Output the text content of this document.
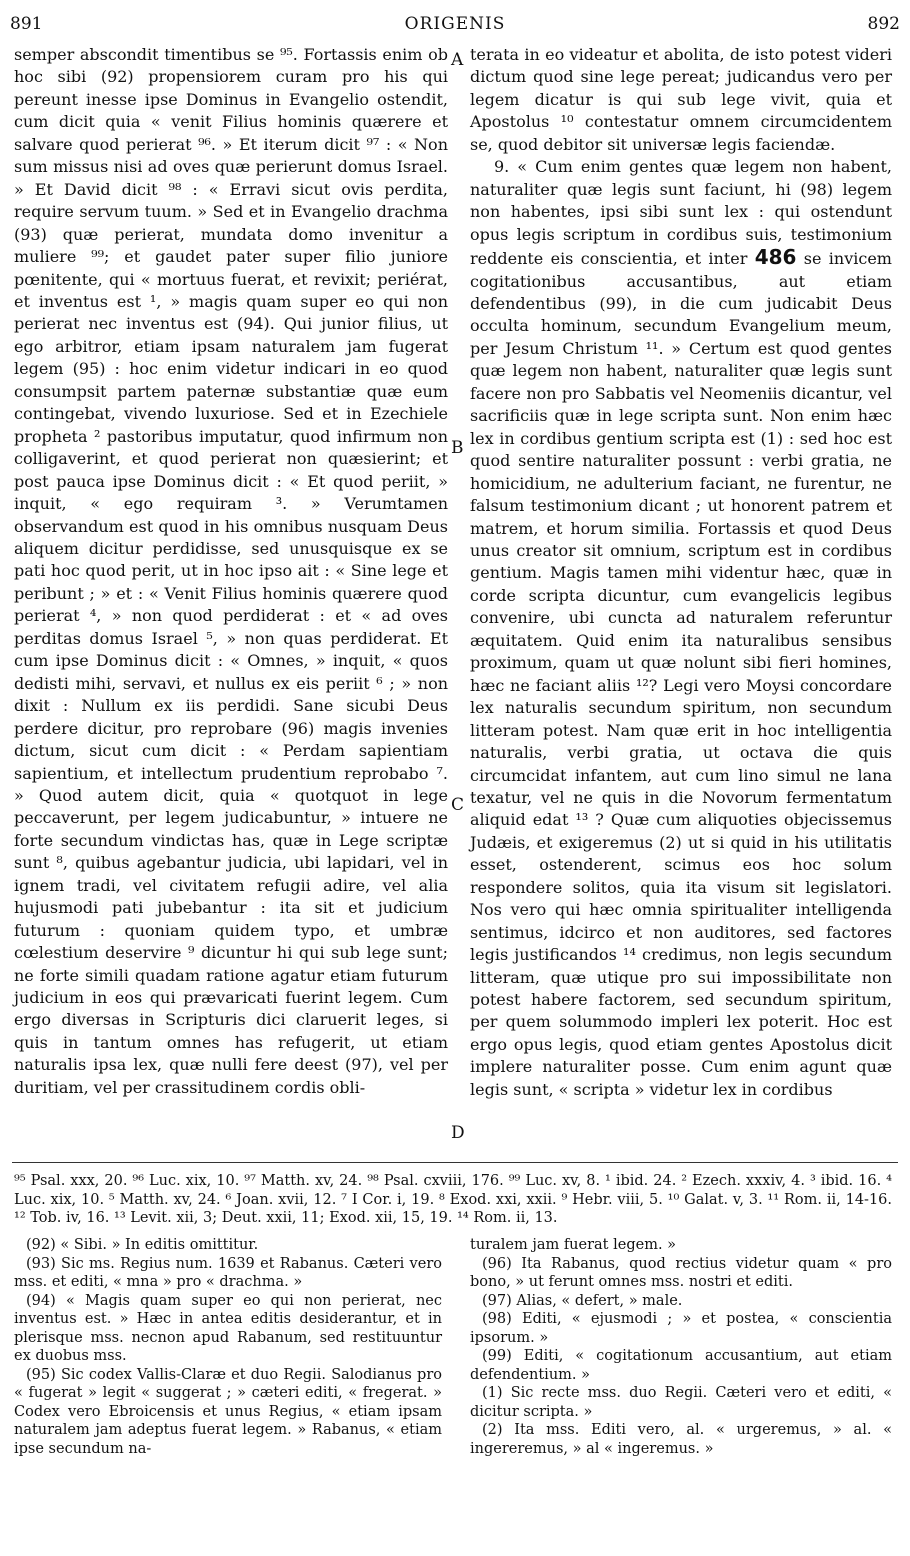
891	ORIGENIS	892

semper abscondit timentibus se ⁹⁵. Fortassis enim ob hoc sibi (92) propensiorem curam pro his qui pereunt inesse ipse Dominus in Evangelio ostendit, cum dicit quia « venit Filius hominis quærere et salvare quod perierat ⁹⁶. » Et iterum dicit ⁹⁷ : « Non sum missus nisi ad oves quæ perierunt domus Israel. » Et David dicit ⁹⁸ : « Erravi sicut ovis perdita, require servum tuum. » Sed et in Evangelio drachma (93) quæ perierat, mundata domo invenitur a muliere ⁹⁹; et gaudet pater super filio juniore pœnitente, qui « mortuus fuerat, et revixit; periérat, et inventus est ¹, » magis quam super eo qui non perierat nec inventus est (94). Qui junior filius, ut ego arbitror, etiam ipsam naturalem jam fugerat legem (95) : hoc enim videtur indicari in eo quod consumpsit partem paternæ substantiæ quæ eum contingebat, vivendo luxuriose. Sed et in Ezechiele propheta ² pastoribus imputatur, quod infirmum non colligaverint, et quod perierat non quæsierint; et post pauca ipse Dominus dicit : « Et quod periit, » inquit, « ego requiram ³. » Verumtamen observandum est quod in his omnibus nusquam Deus aliquem dicitur perdidisse, sed unusquisque ex se pati hoc quod perit, ut in hoc ipso ait : « Sine lege et peribunt ; » et : « Venit Filius hominis quærere quod perierat ⁴, » non quod perdiderat : et « ad oves perditas domus Israel ⁵, » non quas perdiderat. Et cum ipse Dominus dicit : « Omnes, » inquit, « quos dedisti mihi, servavi, et nullus ex eis periit ⁶ ; » non dixit : Nullum ex iis perdidi. Sane sicubi Deus perdere dicitur, pro reprobare (96) magis invenies dictum, sicut cum dicit : « Perdam sapientiam sapientium, et intellectum prudentium reprobabo ⁷. » Quod autem dicit, quia « quotquot in lege peccaverunt, per legem judicabuntur, » intuere ne forte secundum vindictas has, quæ in Lege scriptæ sunt ⁸, quibus agebantur judicia, ubi lapidari, vel in ignem tradi, vel civitatem refugii adire, vel alia hujusmodi pati jubebantur : ita sit et judicium futurum : quoniam quidem typo, et umbræ cœlestium deservire ⁹ dicuntur hi qui sub lege sunt; ne forte simili quadam ratione agatur etiam futurum judicium in eos qui prævaricati fuerint legem. Cum ergo diversas in Scripturis dici claruerit leges, si quis in tantum omnes has refugerit, ut etiam naturalis ipsa lex, quæ nulli fere deest (97), vel per duritiam, vel per crassitudinem cordis obli-

A
B
C
D

terata in eo videatur et abolita, de isto potest videri dictum quod sine lege pereat; judicandus vero per legem dicatur is qui sub lege vivit, quia et Apostolus ¹⁰ contestatur omnem circumcidentem se, quod debitor sit universæ legis faciendæ.

9. « Cum enim gentes quæ legem non habent, naturaliter quæ legis sunt faciunt, hi (98) legem non habentes, ipsi sibi sunt lex : qui ostendunt opus legis scriptum in cordibus suis, testimonium reddente eis conscientia, et inter 486 se invicem cogitationibus accusantibus, aut etiam defendentibus (99), in die cum judicabit Deus occulta hominum, secundum Evangelium meum, per Jesum Christum ¹¹. » Certum est quod gentes quæ legem non habent, naturaliter quæ legis sunt facere non pro Sabbatis vel Neomeniis dicantur, vel sacrificiis quæ in lege scripta sunt. Non enim hæc lex in cordibus gentium scripta est (1) : sed hoc est quod sentire naturaliter possunt : verbi gratia, ne homicidium, ne adulterium faciant, ne furentur, ne falsum testimonium dicant ; ut honorent patrem et matrem, et horum similia. Fortassis et quod Deus unus creator sit omnium, scriptum est in cordibus gentium. Magis tamen mihi videntur hæc, quæ in corde scripta dicuntur, cum evangelicis legibus convenire, ubi cuncta ad naturalem referuntur æquitatem. Quid enim ita naturalibus sensibus proximum, quam ut quæ nolunt sibi fieri homines, hæc ne faciant aliis ¹²? Legi vero Moysi concordare lex naturalis secundum spiritum, non secundum litteram potest. Nam quæ erit in hoc intelligentia naturalis, verbi gratia, ut octava die quis circumcidat infantem, aut cum lino simul ne lana texatur, vel ne quis in die Novorum fermentatum aliquid edat ¹³ ? Quæ cum aliquoties objecissemus Judæis, et exigeremus (2) ut si quid in his utilitatis esset, ostenderent, scimus eos hoc solum respondere solitos, quia ita visum sit legislatori. Nos vero qui hæc omnia spiritualiter intelligenda sentimus, idcirco et non auditores, sed factores legis justificandos ¹⁴ credimus, non legis secundum litteram, quæ utique pro sui impossibilitate non potest habere factorem, sed secundum spiritum, per quem solummodo impleri lex poterit. Hoc est ergo opus legis, quod etiam gentes Apostolus dicit implere naturaliter posse. Cum enim agunt quæ legis sunt, « scripta » videtur lex in cordibus

⁹⁵ Psal. xxx, 20. ⁹⁶ Luc. xix, 10. ⁹⁷ Matth. xv, 24. ⁹⁸ Psal. cxviii, 176. ⁹⁹ Luc. xv, 8. ¹ ibid. 24. ² Ezech. xxxiv, 4. ³ ibid. 16. ⁴ Luc. xix, 10. ⁵ Matth. xv, 24. ⁶ Joan. xvii, 12. ⁷ I Cor. i, 19. ⁸ Exod. xxi, xxii. ⁹ Hebr. viii, 5. ¹⁰ Galat. v, 3. ¹¹ Rom. ii, 14-16. ¹² Tob. iv, 16. ¹³ Levit. xii, 3; Deut. xxii, 11; Exod. xii, 15, 19. ¹⁴ Rom. ii, 13.

(92) « Sibi. » In editis omittitur.

(93) Sic ms. Regius num. 1639 et Rabanus. Cæteri vero mss. et editi, « mna » pro « drachma. »

(94) « Magis quam super eo qui non perierat, nec inventus est. » Hæc in antea editis desiderantur, et in plerisque mss. necnon apud Rabanum, sed restituuntur ex duobus mss.

(95) Sic codex Vallis-Claræ et duo Regii. Salodianus pro « fugerat » legit « suggerat ; » cæteri editi, « fregerat. » Codex vero Ebroicensis et unus Regius, « etiam ipsam naturalem jam adeptus fuerat legem. » Rabanus, « etiam ipse secundum na-

turalem jam fuerat legem. »

(96) Ita Rabanus, quod rectius videtur quam « pro bono, » ut ferunt omnes mss. nostri et editi.

(97) Alias, « defert, » male.

(98) Editi, « ejusmodi ; » et postea, « conscientia ipsorum. »

(99) Editi, « cogitationum accusantium, aut etiam defendentium. »

(1) Sic recte mss. duo Regii. Cæteri vero et editi, « dicitur scripta. »

(2) Ita mss. Editi vero, al. « urgeremus, » al. « ingereremus, » al « ingeremus. »
